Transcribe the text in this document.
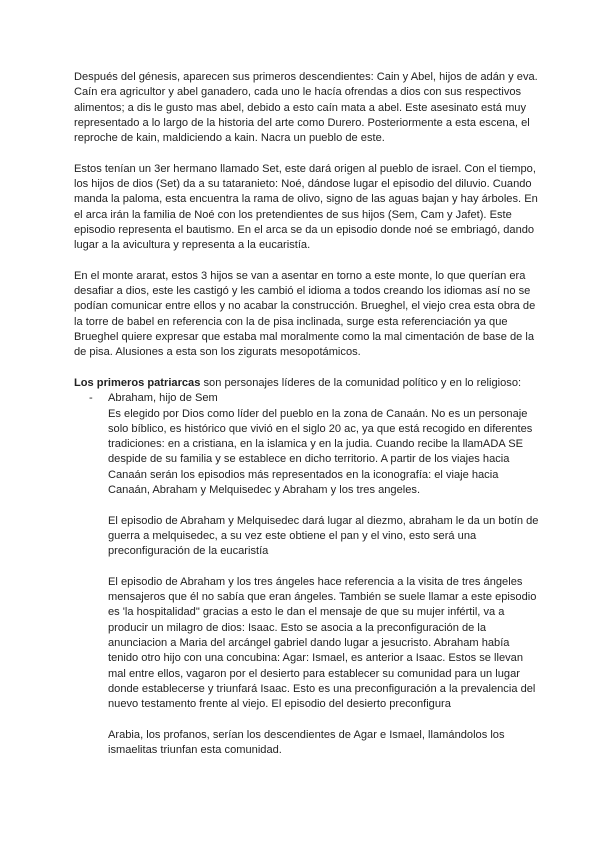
Después del génesis, aparecen sus primeros descendientes: Cain y Abel, hijos de adán y eva. Caín era agricultor y abel ganadero, cada uno le hacía ofrendas a dios con sus respectivos alimentos; a dis le gusto mas abel, debido a esto caín mata a abel. Este asesinato está muy representado a lo largo de la historia del arte como Durero. Posteriormente a esta escena, el reproche de kain, maldiciendo a kain. Nacra un pueblo de este.

Estos tenían un 3er hermano llamado Set, este dará origen al pueblo de israel. Con el tiempo, los hijos de dios (Set) da a su tataranieto: Noé, dándose lugar el episodio del diluvio. Cuando manda la paloma, esta encuentra la rama de olivo, signo de las aguas bajan y hay árboles. En el arca irán la familia de Noé con los pretendientes de sus hijos (Sem, Cam y Jafet). Este episodio representa el bautismo. En el arca se da un episodio donde noé se embriagó, dando lugar a la avicultura y representa a la eucaristía.

En el monte ararat, estos 3 hijos se van a asentar en torno a este monte, lo que querían era desafiar a dios, este les castigó y les cambió el idioma a todos creando los idiomas así no se podían comunicar entre ellos y no acabar la construcción. Brueghel, el viejo crea esta obra de la torre de babel en referencia con la de pisa inclinada, surge esta referenciación ya que Brueghel quiere expresar que estaba mal moralmente como la mal cimentación de base de la de pisa. Alusiones a esta son los zigurats mesopotámicos.

Los primeros patriarcas son personajes líderes de la comunidad político y en lo religioso:

- Abraham, hijo de Sem

Es elegido por Dios como líder del pueblo en la zona de Canaán. No es un personaje solo bíblico, es histórico que vivió en el siglo 20 ac, ya que está recogido en diferentes tradiciones: en a cristiana, en la islamica y en la judia. Cuando recibe la llamADA SE despide de su familia y se establece en dicho territorio. A partir de los viajes hacia Canaán serán los episodios más representados en la iconografía: el viaje hacia Canaán, Abraham y Melquisedec y Abraham y los tres angeles.

El episodio de Abraham y Melquisedec dará lugar al diezmo, abraham le da un botín de guerra a melquisedec, a su vez este obtiene el pan y el vino, esto será una preconfiguración de la eucaristía

El episodio de Abraham y los tres ángeles hace referencia a la visita de tres ángeles mensajeros que él no sabía que eran ángeles. También se suele llamar a este episodio es 'la hospitalidad" gracias a esto le dan el mensaje de que su mujer infértil, va a producir un milagro de dios: Isaac. Esto se asocia a la preconfiguración de la anunciacion a Maria del arcángel gabriel dando lugar a jesucristo. Abraham había tenido otro hijo con una concubina: Agar: Ismael, es anterior a Isaac. Estos se llevan mal entre ellos, vagaron por el desierto para establecer su comunidad para un lugar donde establecerse y triunfará Isaac. Esto es una preconfiguración a la prevalencia del nuevo testamento frente al viejo. El episodio del desierto preconfigura

Arabia, los profanos, serían los descendientes de Agar e Ismael, llamándolos los ismaelitas triunfan esta comunidad.
